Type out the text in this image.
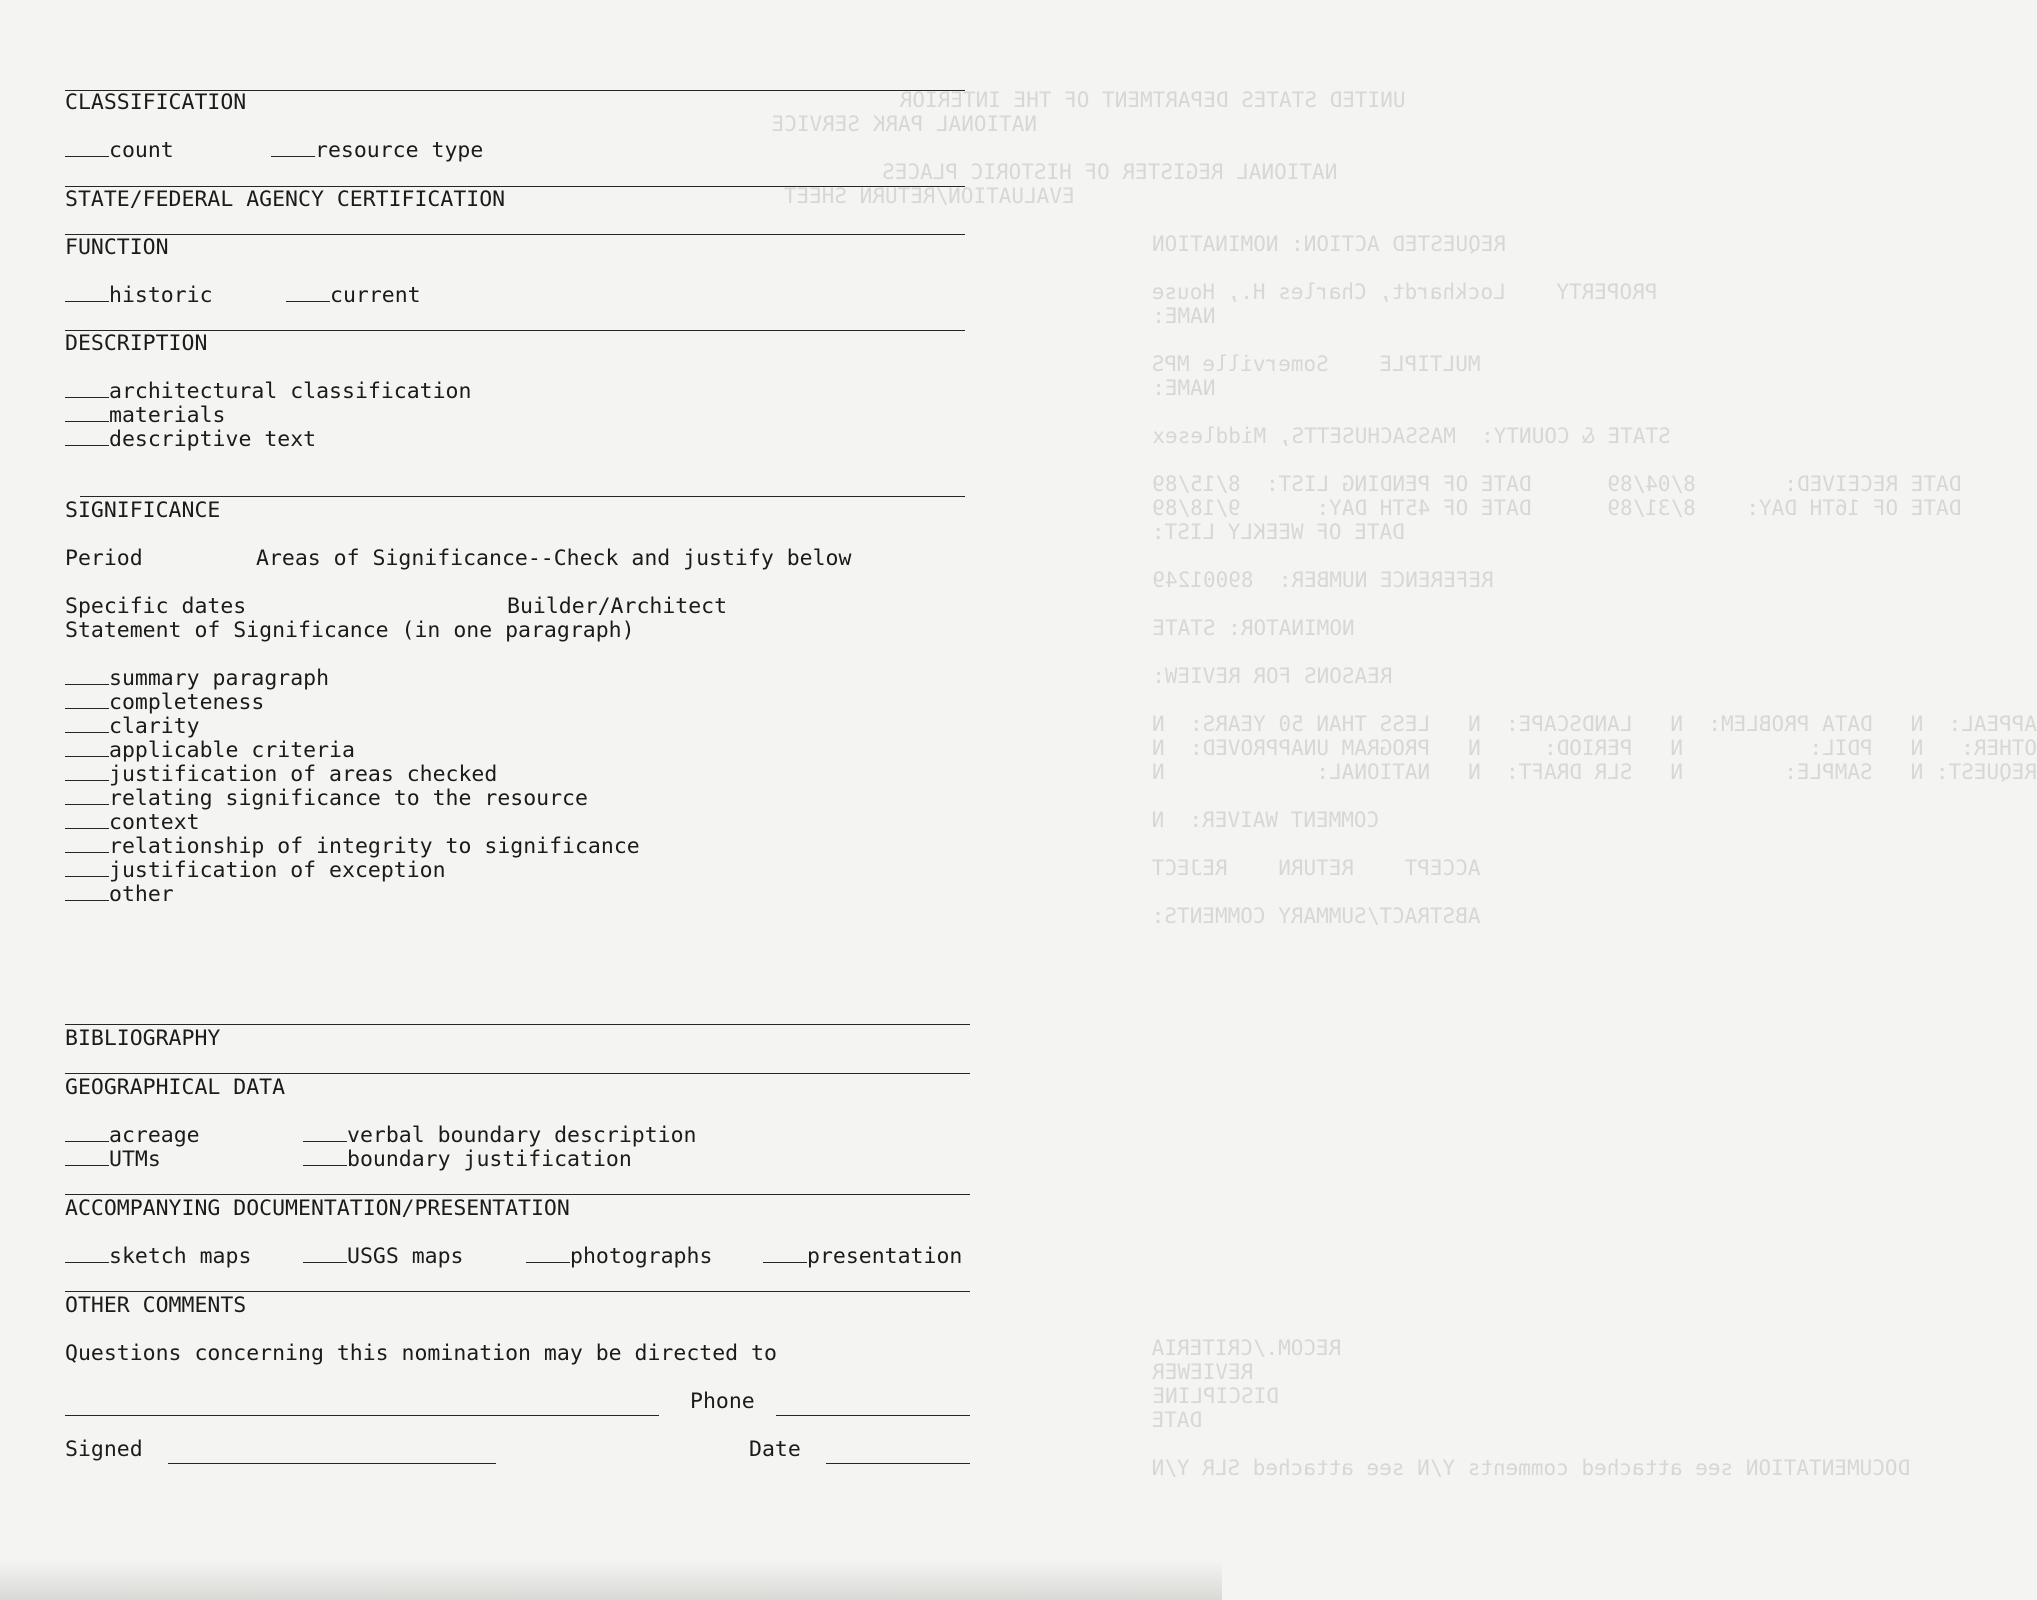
UNITED STATES DEPARTMENT OF THE INTERIOR
NATIONAL PARK SERVICE
NATIONAL REGISTER OF HISTORIC PLACES
EVALUATION/RETURN SHEET
REQUESTED ACTION: NOMINATION
PROPERTY    Lockhardt, Charles H., House
NAME:
MULTIPLE    Somerville MPS
NAME:
STATE & COUNTY:  MASSACHUSETTS, Middlesex
DATE RECEIVED:       8/04/89      DATE OF PENDING LIST:  8/15/89
DATE OF 16TH DAY:    8/31/89      DATE OF 45TH DAY:      9/18/89
DATE OF WEEKLY LIST:
REFERENCE NUMBER:  89001249
NOMINATOR: STATE
REASONS FOR REVIEW:
APPEAL:  N   DATA PROBLEM:  N   LANDSCAPE:  N   LESS THAN 50 YEARS:  N
OTHER:   N   PDIL:          N   PERIOD:     N   PROGRAM UNAPPROVED:  N
REQUEST: N   SAMPLE:        N   SLR DRAFT:  N   NATIONAL:            N
COMMENT WAIVER:  N
ACCEPT    RETURN    REJECT
ABSTRACT/SUMMARY COMMENTS:
RECOM./CRITERIA
REVIEWER
DISCIPLINE
DATE
DOCUMENTATION see attached comments Y/N see attached SLR Y/N
CLASSIFICATION
count	resource type
STATE/FEDERAL AGENCY CERTIFICATION
FUNCTION
historic	current
DESCRIPTION
architectural classification
materials
descriptive text
SIGNIFICANCE
Period	Areas of Significance--Check and justify below
Specific dates	Builder/Architect
Statement of Significance (in one paragraph)
summary paragraph
completeness
clarity
applicable criteria
justification of areas checked
relating significance to the resource
context
relationship of integrity to significance
justification of exception
other
BIBLIOGRAPHY
GEOGRAPHICAL DATA
acreage	verbal boundary description
UTMs	boundary justification
ACCOMPANYING DOCUMENTATION/PRESENTATION
sketch maps	USGS maps	photographs	presentation
OTHER COMMENTS
Questions concerning this nomination may be directed to
Phone
Signed	Date
